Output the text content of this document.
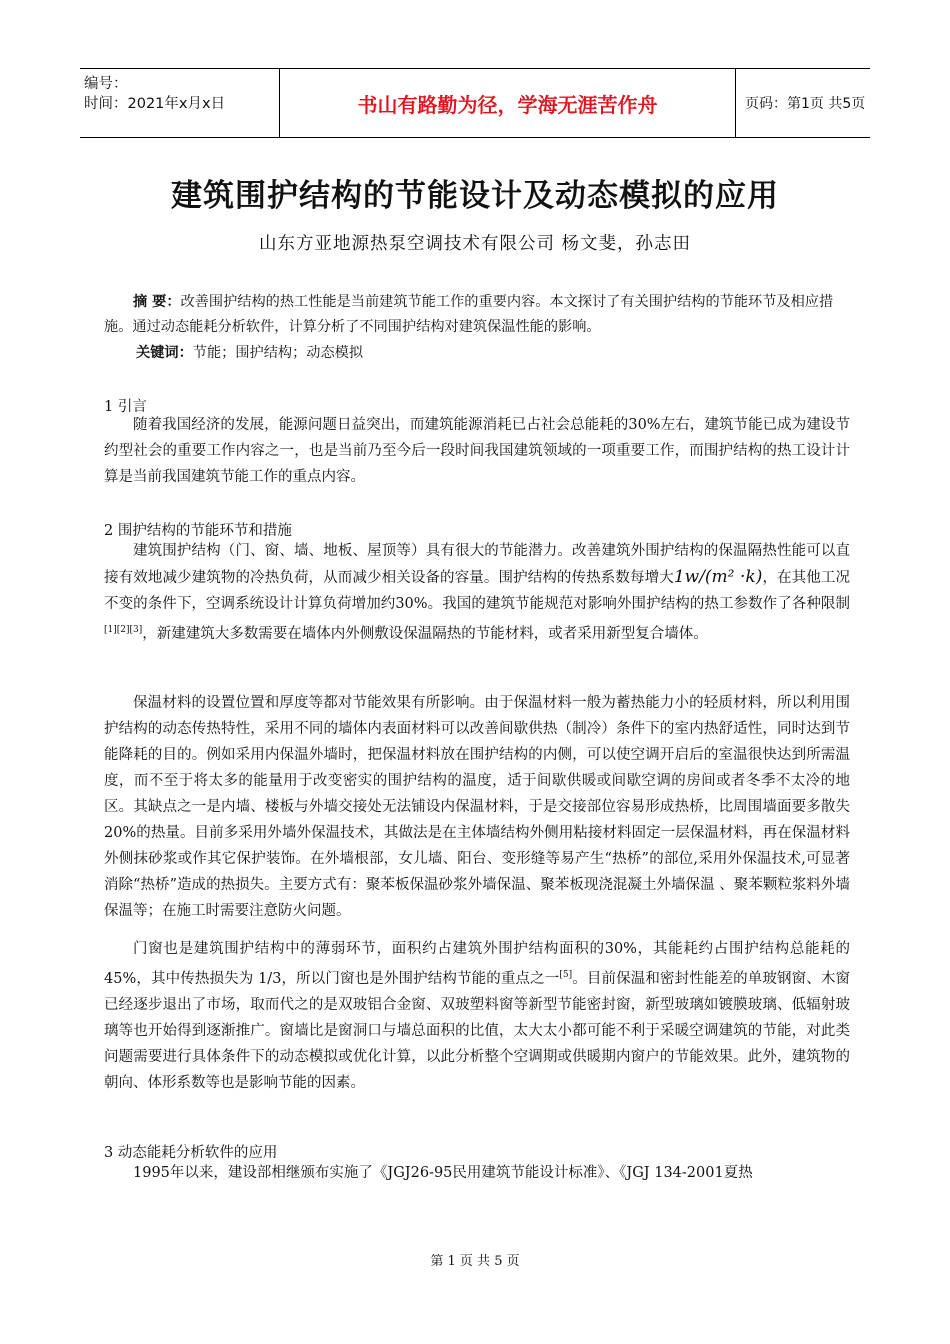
编号：
时间：2021年x月x日	书山有路勤为径，学海无涯苦作舟	页码：第1页 共5页
建筑围护结构的节能设计及动态模拟的应用
山东方亚地源热泵空调技术有限公司 杨文斐，孙志田

摘 要：改善围护结构的热工性能是当前建筑节能工作的重要内容。本文探讨了有关围护结构的节能环节及相应措施。通过动态能耗分析软件，计算分析了不同围护结构对建筑保温性能的影响。

关键词：节能；围护结构；动态模拟
1 引言

随着我国经济的发展，能源问题日益突出，而建筑能源消耗已占社会总能耗的30%左右，建筑节能已成为建设节约型社会的重要工作内容之一，也是当前乃至今后一段时间我国建筑领域的一项重要工作，而围护结构的热工设计计算是当前我国建筑节能工作的重点内容。

2 围护结构的节能环节和措施

建筑围护结构（门、窗、墙、地板、屋顶等）具有很大的节能潜力。改善建筑外围护结构的保温隔热性能可以直接有效地减少建筑物的冷热负荷，从而减少相关设备的容量。围护结构的传热系数每增大1w/(m² ·k)，在其他工况不变的条件下，空调系统设计计算负荷增加约30%。我国的建筑节能规范对影响外围护结构的热工参数作了各种限制[1][2][3]，新建建筑大多数需要在墙体内外侧敷设保温隔热的节能材料，或者采用新型复合墙体。

保温材料的设置位置和厚度等都对节能效果有所影响。由于保温材料一般为蓄热能力小的轻质材料，所以利用围护结构的动态传热特性，采用不同的墙体内表面材料可以改善间歇供热（制冷）条件下的室内热舒适性，同时达到节能降耗的目的。例如采用内保温外墙时，把保温材料放在围护结构的内侧，可以使空调开启后的室温很快达到所需温度，而不至于将太多的能量用于改变密实的围护结构的温度，适于间歇供暖或间歇空调的房间或者冬季不太冷的地区。其缺点之一是内墙、楼板与外墙交接处无法铺设内保温材料，于是交接部位容易形成热桥，比周围墙面要多散失20%的热量。目前多采用外墙外保温技术，其做法是在主体墙结构外侧用粘接材料固定一层保温材料，再在保温材料外侧抹砂浆或作其它保护装饰。在外墙根部，女儿墙、阳台、变形缝等易产生“热桥”的部位,采用外保温技术,可显著消除“热桥”造成的热损失。主要方式有：聚苯板保温砂浆外墙保温、聚苯板现浇混凝土外墙保温 、聚苯颗粒浆料外墙保温等；在施工时需要注意防火问题。

门窗也是建筑围护结构中的薄弱环节，面积约占建筑外围护结构面积的30%，其能耗约占围护结构总能耗的45%，其中传热损失为 1/3，所以门窗也是外围护结构节能的重点之一[5]。目前保温和密封性能差的单玻钢窗、木窗已经逐步退出了市场，取而代之的是双玻铝合金窗、双玻塑料窗等新型节能密封窗，新型玻璃如镀膜玻璃、低辐射玻璃等也开始得到逐渐推广。窗墙比是窗洞口与墙总面积的比值，太大太小都可能不利于采暖空调建筑的节能，对此类问题需要进行具体条件下的动态模拟或优化计算，以此分析整个空调期或供暖期内窗户的节能效果。此外，建筑物的朝向、体形系数等也是影响节能的因素。

3 动态能耗分析软件的应用

1995年以来，建设部相继颁布实施了《JGJ26-95民用建筑节能设计标准》、《JGJ 134-2001夏热

第 1 页 共 5 页
